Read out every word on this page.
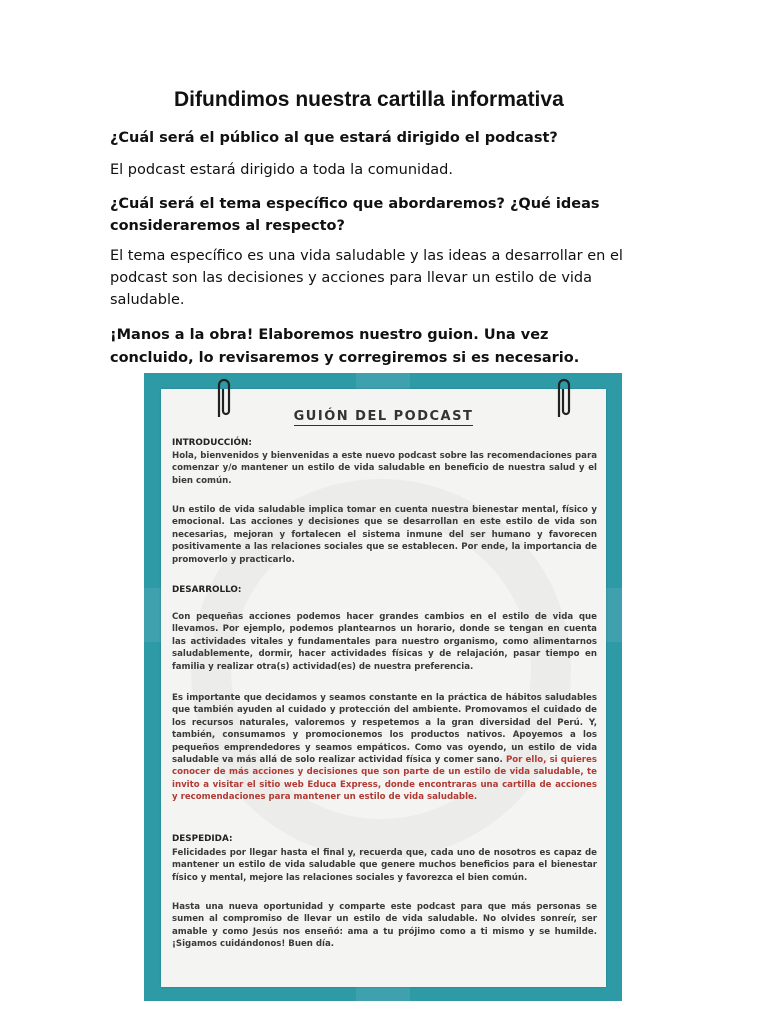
Difundimos nuestra cartilla informativa
¿Cuál será el público al que estará dirigido el podcast?
El podcast estará dirigido a toda la comunidad.
¿Cuál será el tema específico que abordaremos? ¿Qué ideas consideraremos al respecto?
El tema específico es una vida saludable y las ideas a desarrollar en el podcast son las decisiones y acciones para llevar un estilo de vida saludable.
¡Manos a la obra! Elaboremos nuestro guion. Una vez concluido, lo revisaremos y corregiremos si es necesario.
GUIÓN DEL PODCAST
INTRODUCCIÓN:
Hola, bienvenidos y bienvenidas a este nuevo podcast sobre las recomendaciones para comenzar y/o mantener un estilo de vida saludable en beneficio de nuestra salud y el bien común.
Un estilo de vida saludable implica tomar en cuenta nuestra bienestar mental, físico y emocional. Las acciones y decisiones que se desarrollan en este estilo de vida son necesarias, mejoran y fortalecen el sistema inmune del ser humano y favorecen positivamente a las relaciones sociales que se establecen. Por ende, la importancia de promoverlo y practicarlo.
DESARROLLO:
Con pequeñas acciones podemos hacer grandes cambios en el estilo de vida que llevamos. Por ejemplo, podemos plantearnos un horario, donde se tengan en cuenta las actividades vitales y fundamentales para nuestro organismo, como alimentarnos saludablemente, dormir, hacer actividades físicas y de relajación, pasar tiempo en familia y realizar otra(s) actividad(es) de nuestra preferencia.
Es importante que decidamos y seamos constante en la práctica de hábitos saludables que también ayuden al cuidado y protección del ambiente. Promovamos el cuidado de los recursos naturales, valoremos y respetemos a la gran diversidad del Perú. Y, también, consumamos y promocionemos los productos nativos. Apoyemos a los pequeños emprendedores y seamos empáticos. Como vas oyendo, un estilo de vida saludable va más allá de solo realizar actividad física y comer sano. Por ello, si quieres conocer de más acciones y decisiones que son parte de un estilo de vida saludable, te invito a visitar el sitio web Educa Express, donde encontraras una cartilla de acciones y recomendaciones para mantener un estilo de vida saludable.
DESPEDIDA:
Felicidades por llegar hasta el final y, recuerda que, cada uno de nosotros es capaz de mantener un estilo de vida saludable que genere muchos beneficios para el bienestar físico y mental, mejore las relaciones sociales y favorezca el bien común.
Hasta una nueva oportunidad y comparte este podcast para que más personas se sumen al compromiso de llevar un estilo de vida saludable. No olvides sonreír, ser amable y como Jesús nos enseñó: ama a tu prójimo como a ti mismo y se humilde. ¡Sigamos cuidándonos! Buen día.
